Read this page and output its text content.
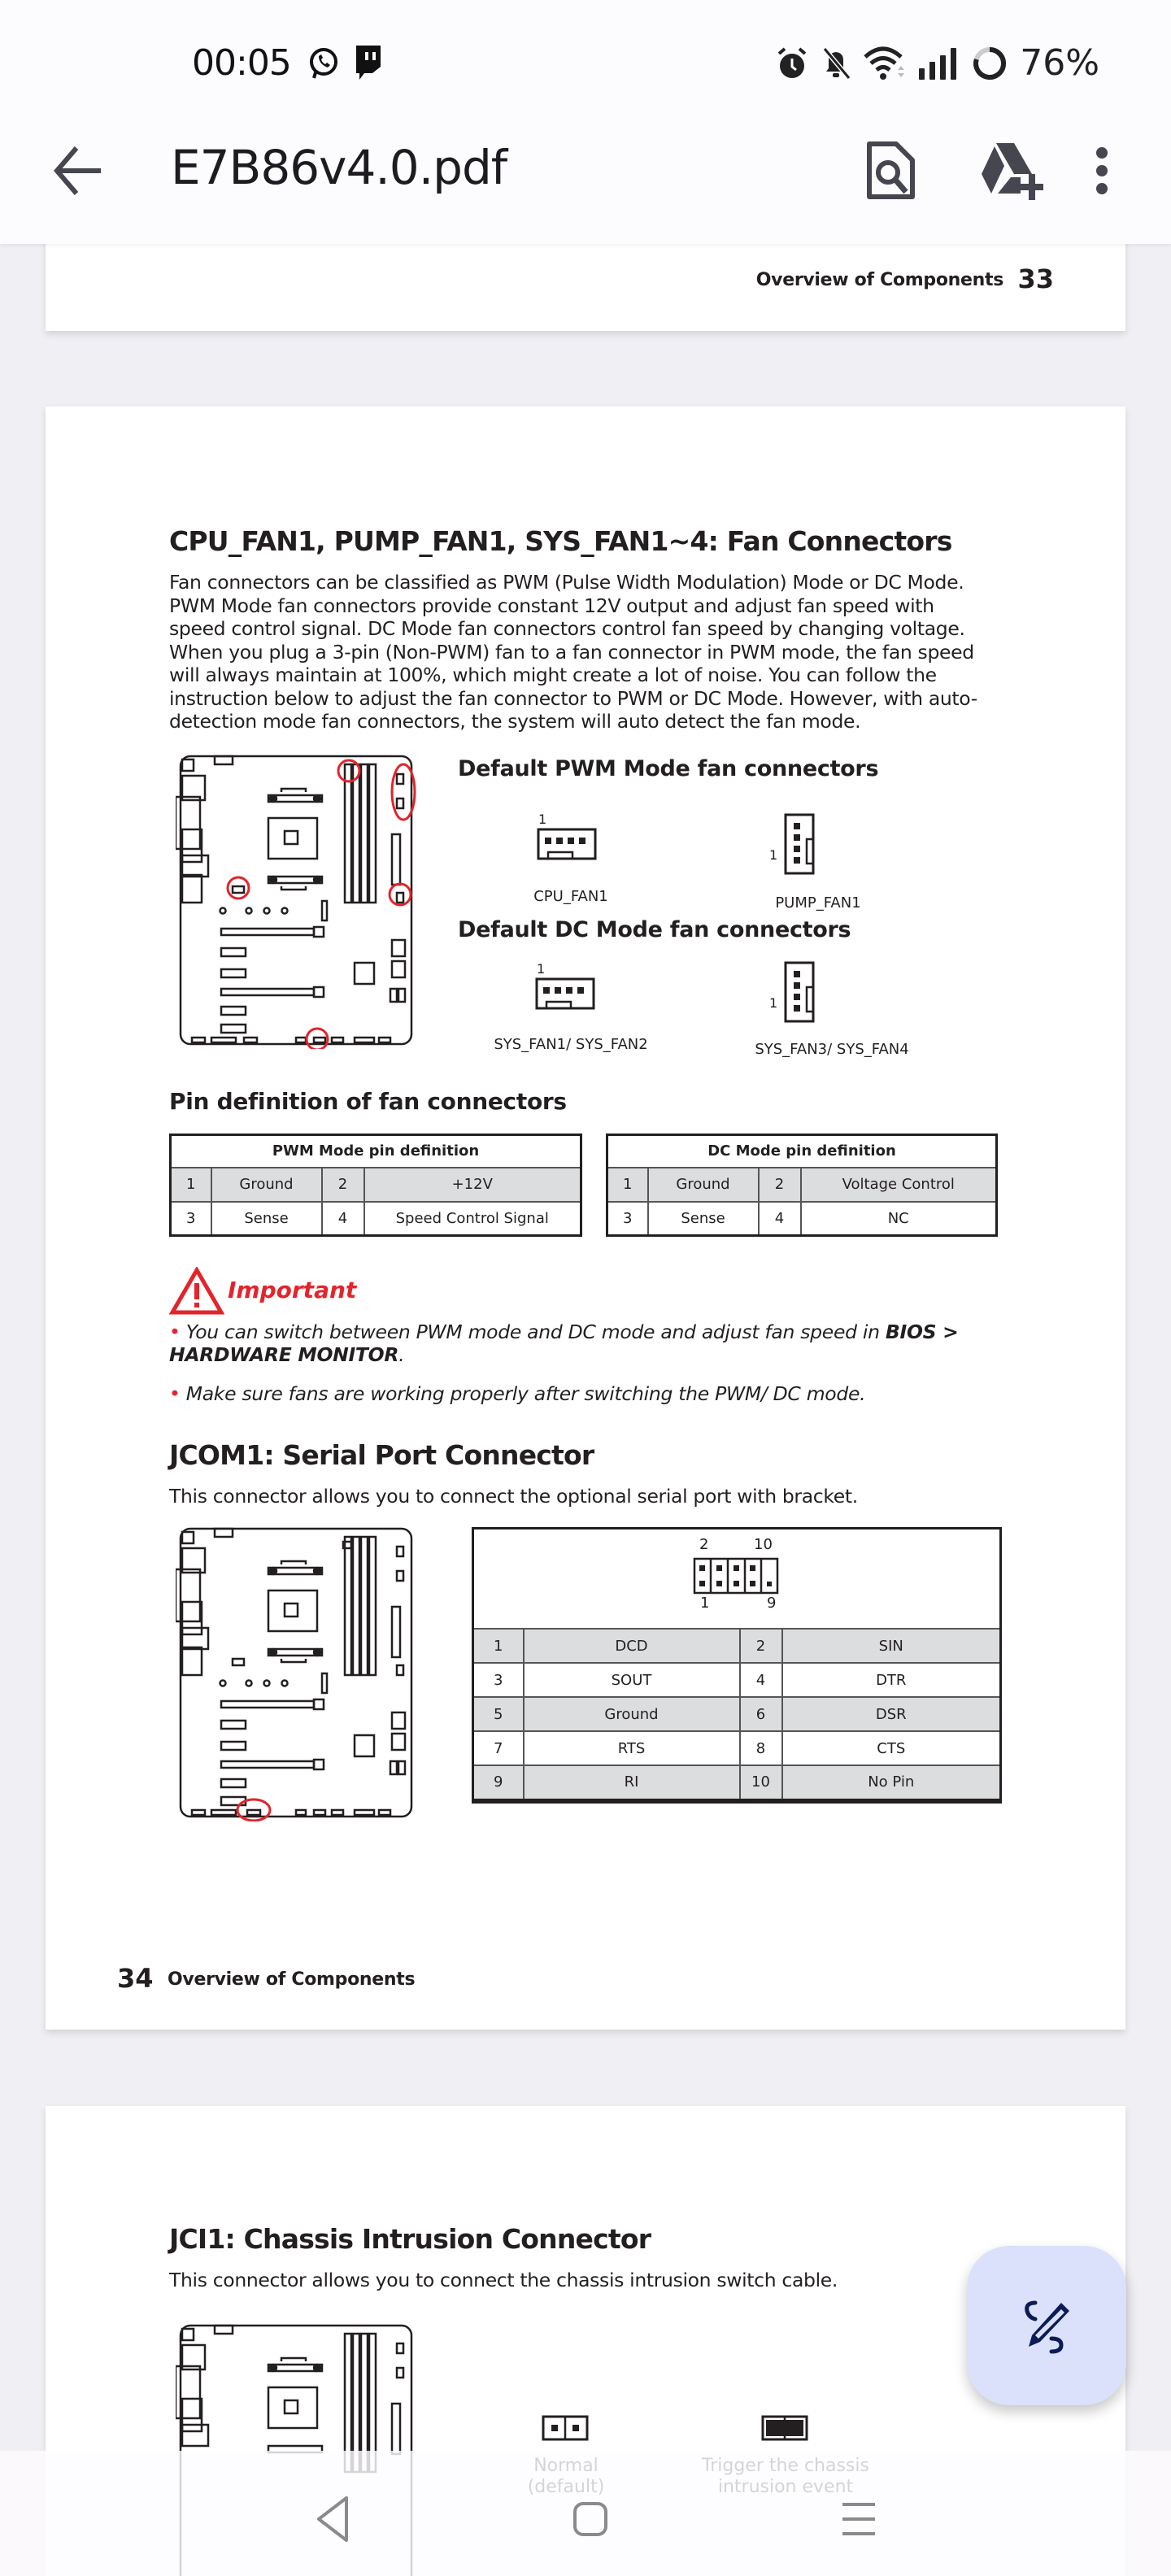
00:05	76%
E7B86v4.0.pdf
Overview of Components 33
CPU_FAN1, PUMP_FAN1, SYS_FAN1~4: Fan Connectors
Fan connectors can be classified as PWM (Pulse Width Modulation) Mode or DC Mode.
PWM Mode fan connectors provide constant 12V output and adjust fan speed with
speed control signal. DC Mode fan connectors control fan speed by changing voltage.
When you plug a 3-pin (Non-PWM) fan to a fan connector in PWM mode, the fan speed
will always maintain at 100%, which might create a lot of noise. You can follow the
instruction below to adjust the fan connector to PWM or DC Mode. However, with auto-
detection mode fan connectors, the system will auto detect the fan mode.
Default PWM Mode fan connectors
1
CPU_FAN1
1
PUMP_FAN1
Default DC Mode fan connectors
1
SYS_FAN1/ SYS_FAN2
1
SYS_FAN3/ SYS_FAN4
Pin definition of fan connectors
PWM Mode pin definition			
1	Ground	2	+12V
3	Sense	4	Speed Control Signal
DC Mode pin definition			
1	Ground	2	Voltage Control
3	Sense	4	NC
Important
• You can switch between PWM mode and DC mode and adjust fan speed in BIOS >
HARDWARE MONITOR.
• Make sure fans are working properly after switching the PWM/ DC mode.
JCOM1: Serial Port Connector
This connector allows you to connect the optional serial port with bracket.
2	10
1	9
1	DCD	2	SIN
3	SOUT	4	DTR
5	Ground	6	DSR
7	RTS	8	CTS
9	RI	10	No Pin
34 Overview of Components
JCI1: Chassis Intrusion Connector
This connector allows you to connect the chassis intrusion switch cable.
